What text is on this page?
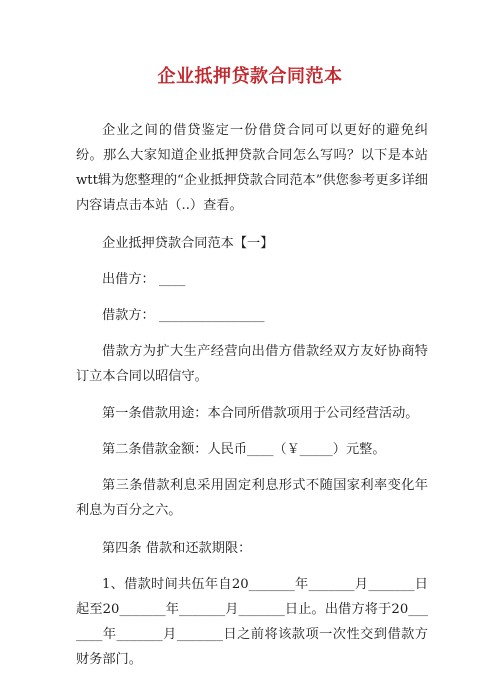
企业抵押贷款合同范本

企业之间的借贷鉴定一份借贷合同可以更好的避免纠纷。那么大家知道企业抵押贷款合同怎么写吗？以下是本站wtt辑为您整理的“企业抵押贷款合同范本”供您参考更多详细内容请点击本站（..）查看。

企业抵押贷款合同范本【一】

出借方： ____

借款方： ________________

借款方为扩大生产经营向出借方借款经双方友好协商特订立本合同以昭信守。

第一条借款用途：本合同所借款项用于公司经营活动。

第二条借款金额：人民币____（￥_____）元整。

第三条借款利息采用固定利息形式不随国家利率变化年利息为百分之六。

第四条 借款和还款期限：

1、借款时间共伍年自20_______年_______月_______日起至20_______年_______月_______日止。出借方将于20_______年_______月_______日之前将该款项一次性交到借款方财务部门。
